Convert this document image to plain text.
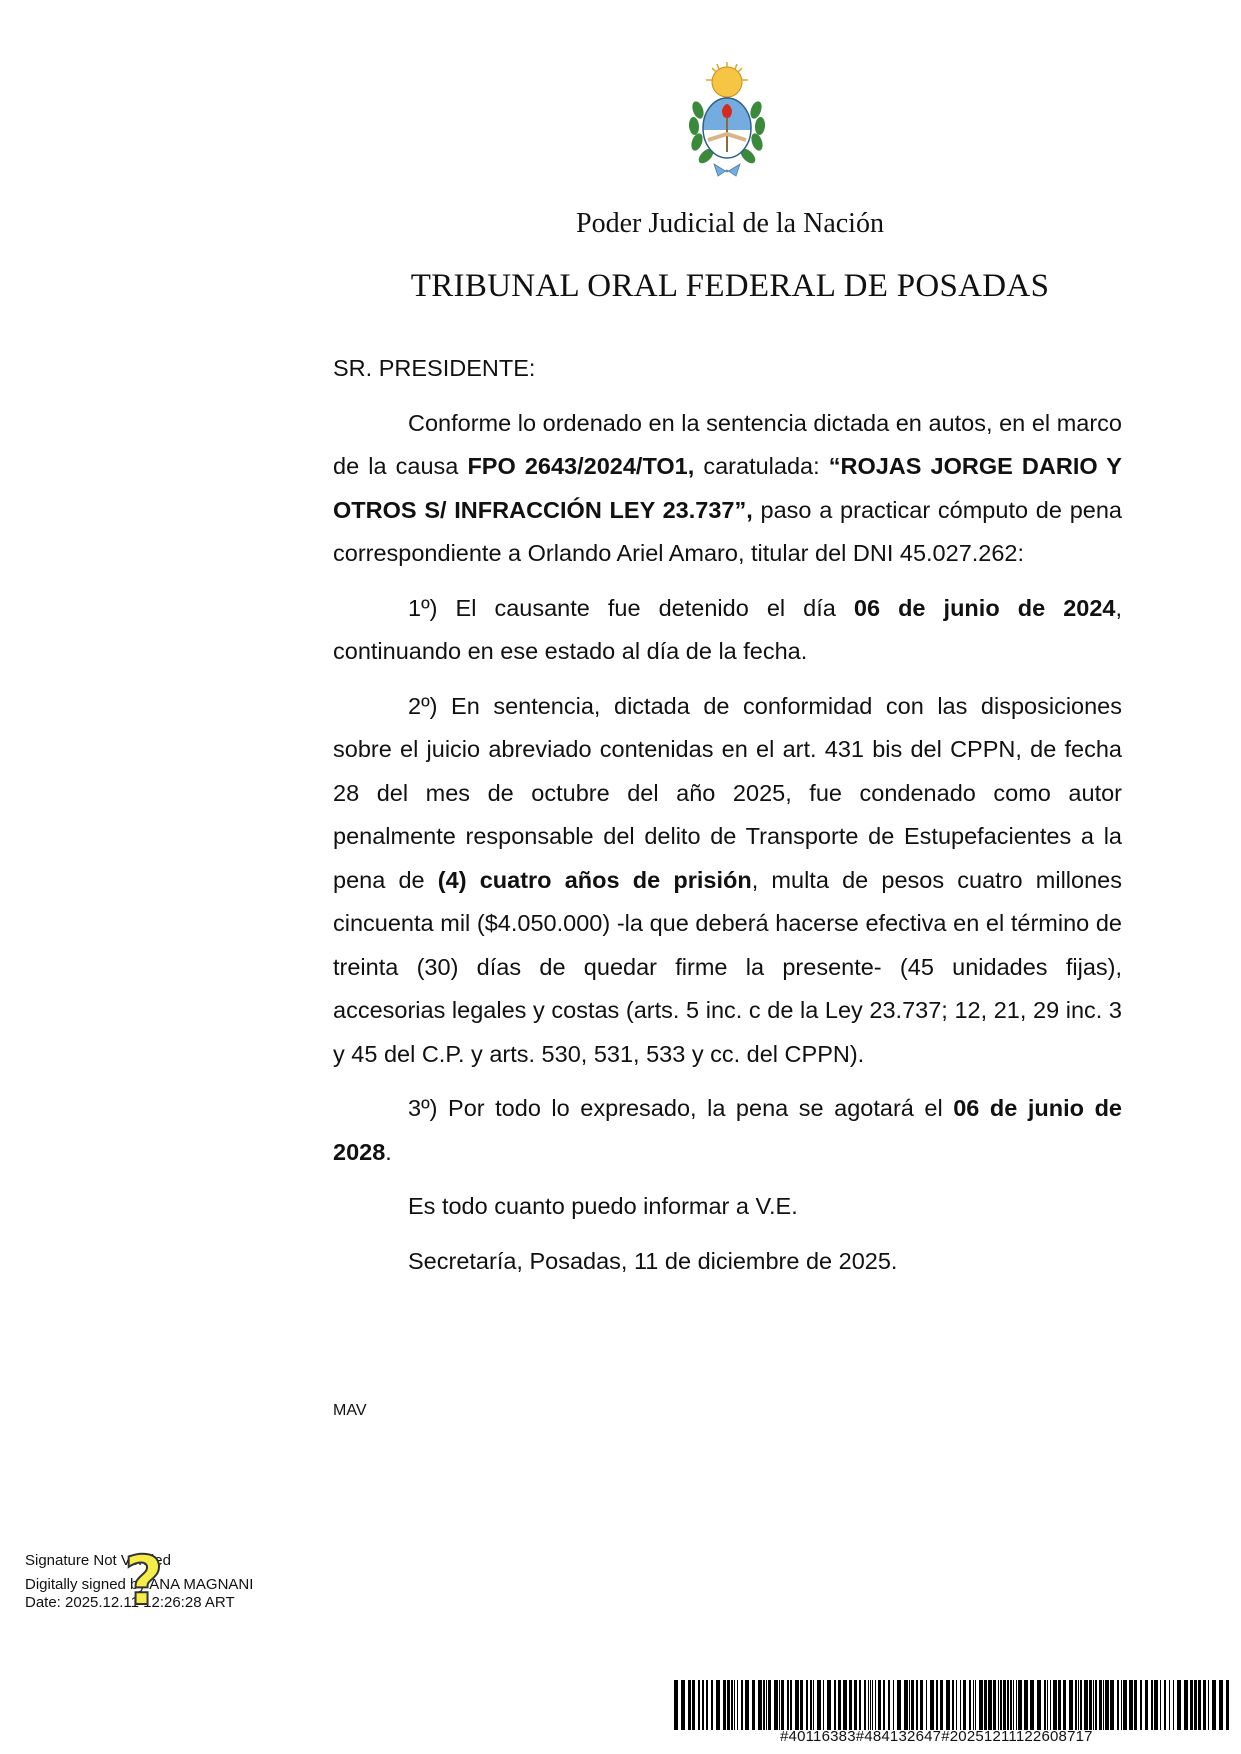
Poder Judicial de la Nación
TRIBUNAL ORAL FEDERAL DE POSADAS

SR. PRESIDENTE:

Conforme lo ordenado en la sentencia dictada en autos, en el marco de la causa FPO 2643/2024/TO1, caratulada: “ROJAS JORGE DARIO Y OTROS S/ INFRACCIÓN LEY 23.737”, paso a practicar cómputo de pena correspondiente a Orlando Ariel Amaro, titular del DNI 45.027.262:

1º) El causante fue detenido el día 06 de junio de 2024, continuando en ese estado al día de la fecha.

2º) En sentencia, dictada de conformidad con las disposiciones sobre el juicio abreviado contenidas en el art. 431 bis del CPPN, de fecha 28 del mes de octubre del año 2025, fue condenado como autor penalmente responsable del delito de Transporte de Estupefacientes a la pena de (4) cuatro años de prisión, multa de pesos cuatro millones cincuenta mil ($4.050.000) -la que deberá hacerse efectiva en el término de treinta (30) días de quedar firme la presente- (45 unidades fijas), accesorias legales y costas (arts. 5 inc. c de la Ley 23.737; 12, 21, 29 inc. 3 y 45 del C.P. y arts. 530, 531, 533 y cc. del CPPN).

3º) Por todo lo expresado, la pena se agotará el 06 de junio de 2028.

Es todo cuanto puedo informar a V.E.

Secretaría, Posadas, 11 de diciembre de 2025.

MAV
Signature Not Verified
Digitally signed by ANA MAGNANI
Date: 2025.12.11 12:26:28 ART
?
#40116383#484132647#20251211122608717
